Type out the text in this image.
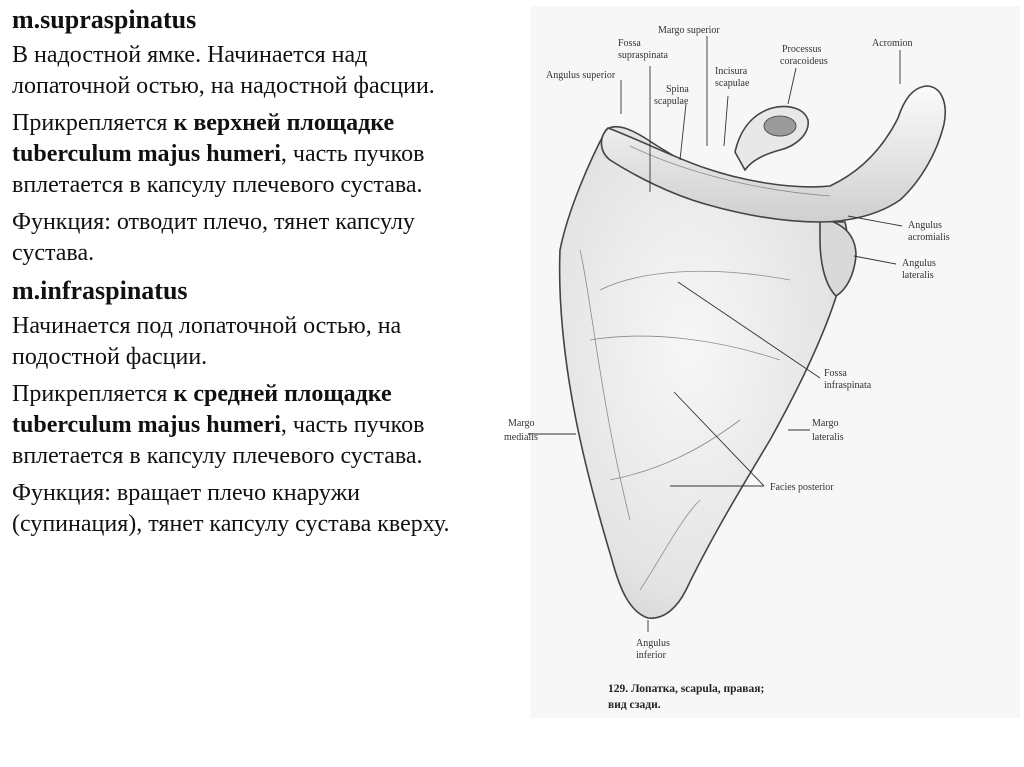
m.supraspinatus
В надостной ямке. Начинается над лопаточной остью, на надостной фасции.
Прикрепляется к верхней площадке tuberculum majus humeri, часть пучков вплетается в капсулу плечевого сустава.
Функция: отводит плечо, тянет капсулу сустава.
m.infraspinatus
Начинается под лопаточной остью, на подостной фасции.
Прикрепляется к средней площадке tuberculum majus humeri, часть пучков вплетается в капсулу плечевого сустава.
Функция: вращает плечо кнаружи (супинация), тянет капсулу сустава кверху.
Margo superior
Fossa
supraspinata
Angulus superior
Spina
scapulae
Incisura
scapulae
Processus
coracoideus
Acromion
Angulus
acromialis
Angulus
lateralis
Fossa
infraspinata
Margo
medialis
Margo
lateralis
Facies posterior
Angulus
inferior
129. Лопатка, scapula, правая;
вид сзади.
